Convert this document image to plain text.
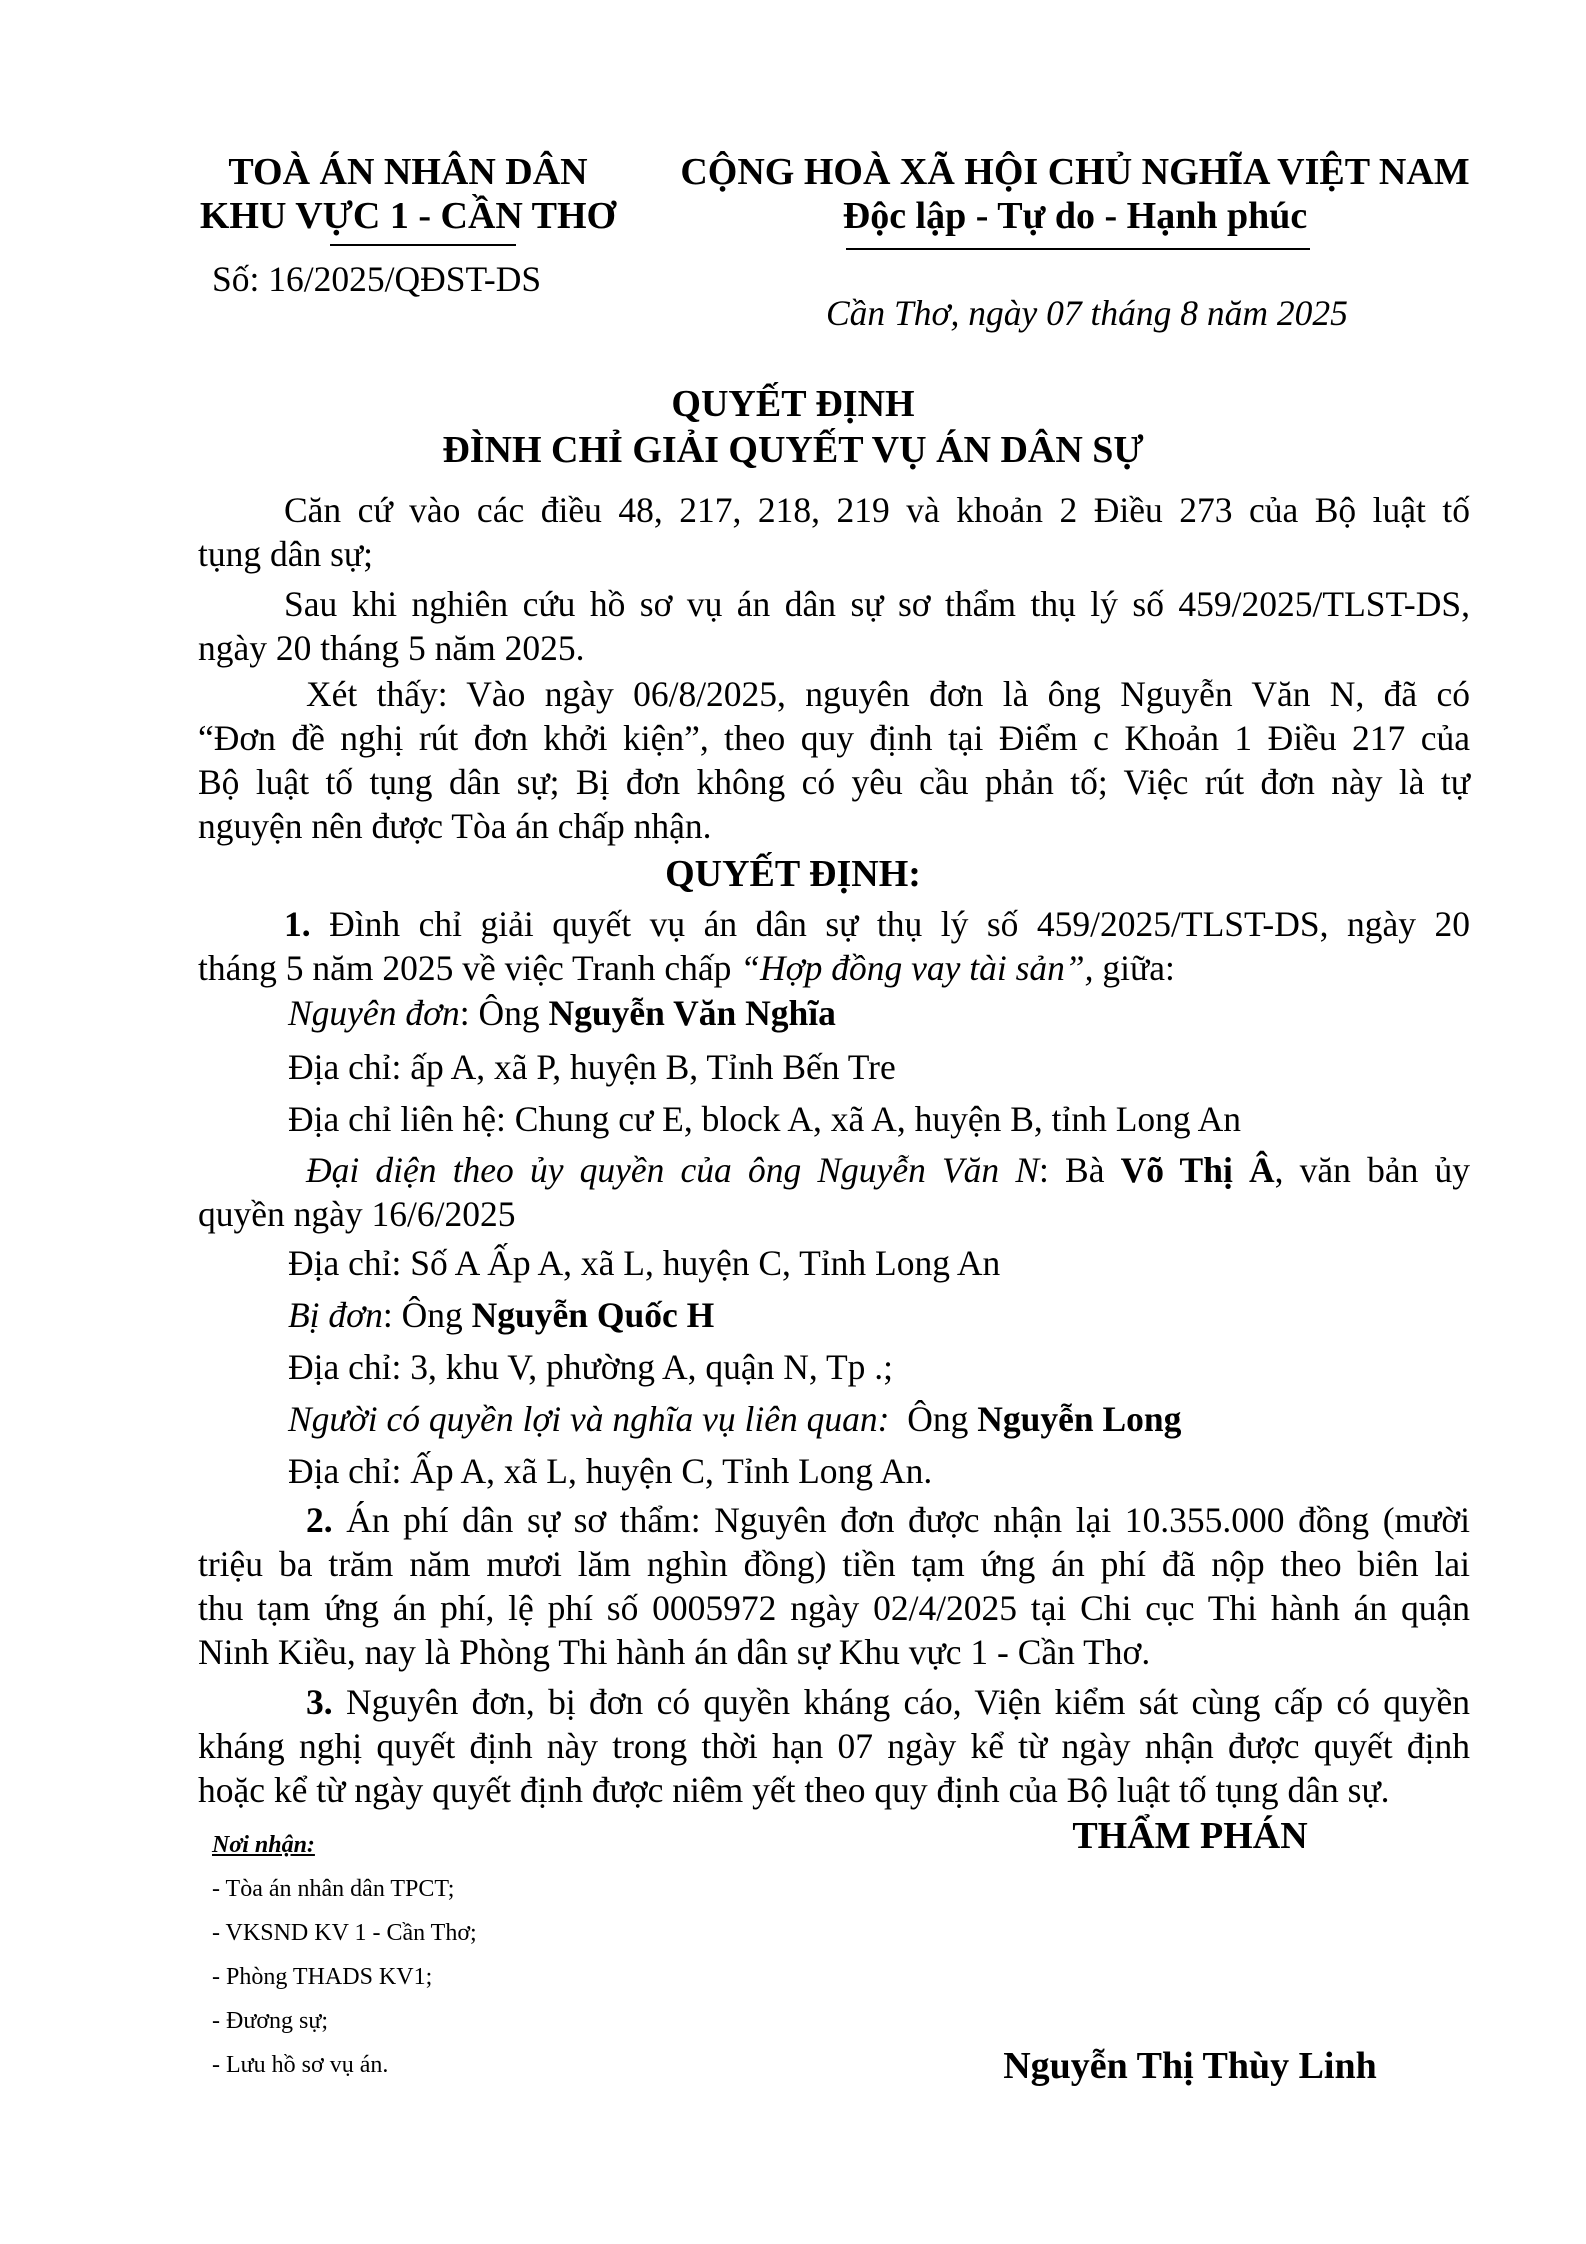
TOÀ ÁN NHÂN DÂN
KHU VỰC 1 - CẦN THƠ
Số: 16/2025/QĐST-DS
CỘNG HOÀ XÃ HỘI CHỦ NGHĨA VIỆT NAM
Độc lập - Tự do - Hạnh phúc
Cần Thơ, ngày 07 tháng 8 năm 2025
QUYẾT ĐỊNH
ĐÌNH CHỈ GIẢI QUYẾT VỤ ÁN DÂN SỰ
Căn cứ vào các điều 48, 217, 218, 219 và khoản 2 Điều 273 của Bộ luật tố
tụng dân sự;
Sau khi nghiên cứu hồ sơ vụ án dân sự sơ thẩm thụ lý số 459/2025/TLST-DS,
ngày 20 tháng 5 năm 2025.
Xét thấy: Vào ngày 06/8/2025, nguyên đơn là ông Nguyễn Văn N, đã có
“Đơn đề nghị rút đơn khởi kiện”, theo quy định tại Điểm c Khoản 1 Điều 217 của
Bộ luật tố tụng dân sự; Bị đơn không có yêu cầu phản tố; Việc rút đơn này là tự
nguyện nên được Tòa án chấp nhận.
QUYẾT ĐỊNH:
1. Đình chỉ giải quyết vụ án dân sự thụ lý số 459/2025/TLST-DS, ngày 20
tháng 5 năm 2025 về việc Tranh chấp “Hợp đồng vay tài sản”, giữa:
Nguyên đơn: Ông Nguyễn Văn Nghĩa
Địa chỉ: ấp A, xã P, huyện B, Tỉnh Bến Tre
Địa chỉ liên hệ: Chung cư E, block A, xã A, huyện B, tỉnh Long An
Đại diện theo ủy quyền của ông Nguyễn Văn N: Bà Võ Thị Â, văn bản ủy
quyền ngày 16/6/2025
Địa chỉ: Số A Ấp A, xã L, huyện C, Tỉnh Long An
Bị đơn: Ông Nguyễn Quốc H
Địa chỉ: 3, khu V, phường A, quận N, Tp .;
Người có quyền lợi và nghĩa vụ liên quan:  Ông Nguyễn Long
Địa chỉ: Ấp A, xã L, huyện C, Tỉnh Long An.
2. Án phí dân sự sơ thẩm: Nguyên đơn được nhận lại 10.355.000 đồng (mười
triệu ba trăm năm mươi lăm nghìn đồng) tiền tạm ứng án phí đã nộp theo biên lai
thu tạm ứng án phí, lệ phí số 0005972 ngày 02/4/2025 tại Chi cục Thi hành án quận
Ninh Kiều, nay là Phòng Thi hành án dân sự Khu vực 1 - Cần Thơ.
3. Nguyên đơn, bị đơn có quyền kháng cáo, Viện kiểm sát cùng cấp có quyền
kháng nghị quyết định này trong thời hạn 07 ngày kể từ ngày nhận được quyết định
hoặc kể từ ngày quyết định được niêm yết theo quy định của Bộ luật tố tụng dân sự.
Nơi nhận:
- Tòa án nhân dân TPCT;
- VKSND KV 1 - Cần Thơ;
- Phòng THADS KV1;
- Đương sự;
- Lưu hồ sơ vụ án.
THẨM PHÁN
Nguyễn Thị Thùy Linh
